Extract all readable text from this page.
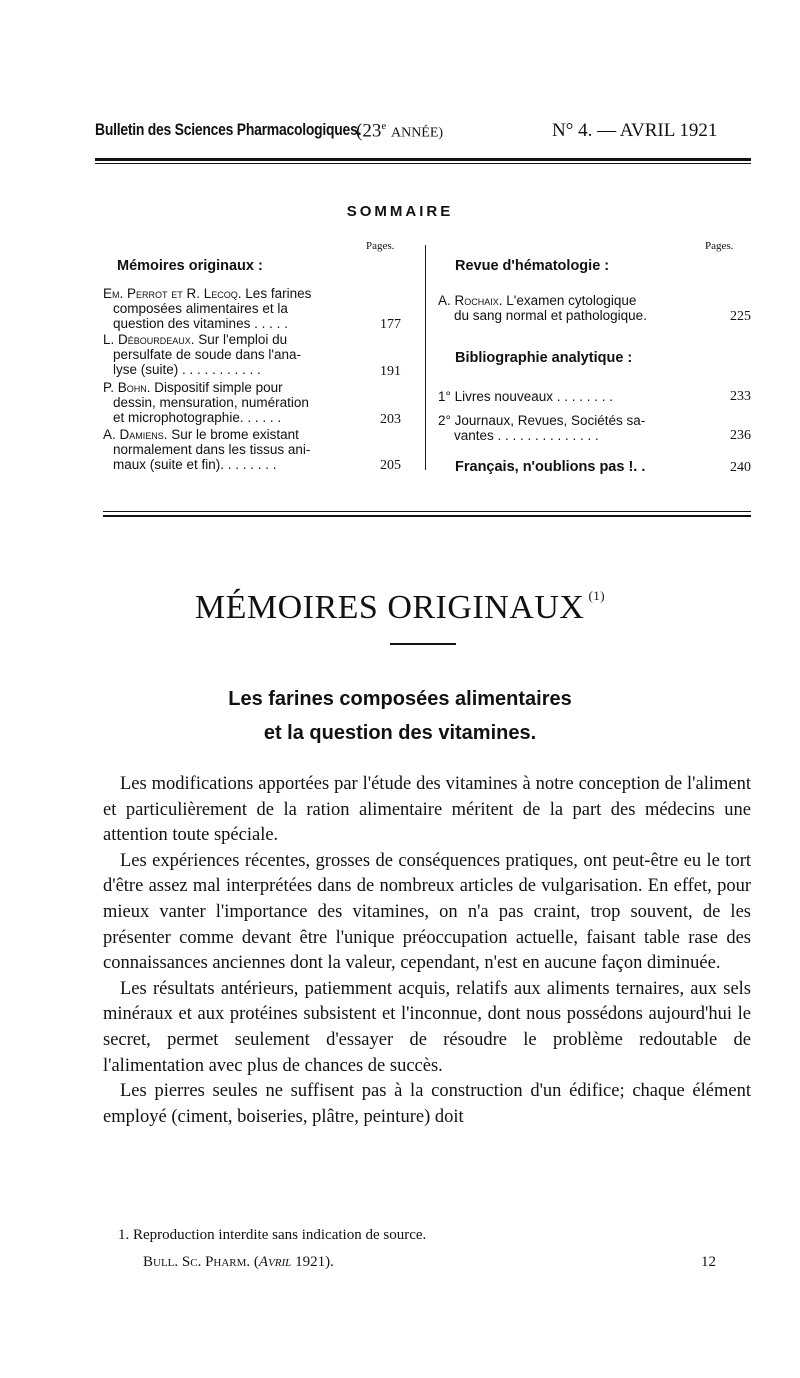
Bulletin des Sciences Pharmacologiques.
(23e ANNÉE)	N° 4. — AVRIL 1921
SOMMAIRE
Pages.
Mémoires originaux :
Em. Perrot et R. Lecoq. Les farines
composées alimentaires et la
question des vitamines . . . . .	177
L. Débourdeaux. Sur l'emploi du
persulfate de soude dans l'ana-
lyse (suite) . . . . . . . . . . .	191
P. Bohn. Dispositif simple pour
dessin, mensuration, numération
et microphotographie. . . . . .	203
A. Damiens. Sur le brome existant
normalement dans les tissus ani-
maux (suite et fin). . . . . . . .	205
Pages.
Revue d'hématologie :
A. Rochaix. L'examen cytologique
du sang normal et pathologique.	225
Bibliographie analytique :
1° Livres nouveaux . . . . . . . .	233
2° Journaux, Revues, Sociétés sa-
vantes . . . . . . . . . . . . . .	236
Français, n'oublions pas !. .	240
MÉMOIRES ORIGINAUX $^{(1)}$
Les farines composées alimentaires
et la question des vitamines.

Les modifications apportées par l'étude des vitamines à notre conception de l'aliment et particulièrement de la ration alimentaire méritent de la part des médecins une attention toute spéciale.

Les expériences récentes, grosses de conséquences pratiques, ont peut-être eu le tort d'être assez mal interprétées dans de nombreux articles de vulgarisation. En effet, pour mieux vanter l'importance des vitamines, on n'a pas craint, trop souvent, de les présenter comme devant être l'unique préoccupation actuelle, faisant table rase des connaissances anciennes dont la valeur, cependant, n'est en aucune façon diminuée.

Les résultats antérieurs, patiemment acquis, relatifs aux aliments ternaires, aux sels minéraux et aux protéines subsistent et l'inconnue, dont nous possédons aujourd'hui le secret, permet seulement d'essayer de résoudre le problème redoutable de l'alimentation avec plus de chances de succès.

Les pierres seules ne suffisent pas à la construction d'un édifice; chaque élément employé (ciment, boiseries, plâtre, peinture) doit

1. Reproduction interdite sans indication de source.
Bull. Sc. Pharm. (Avril 1921).	12
